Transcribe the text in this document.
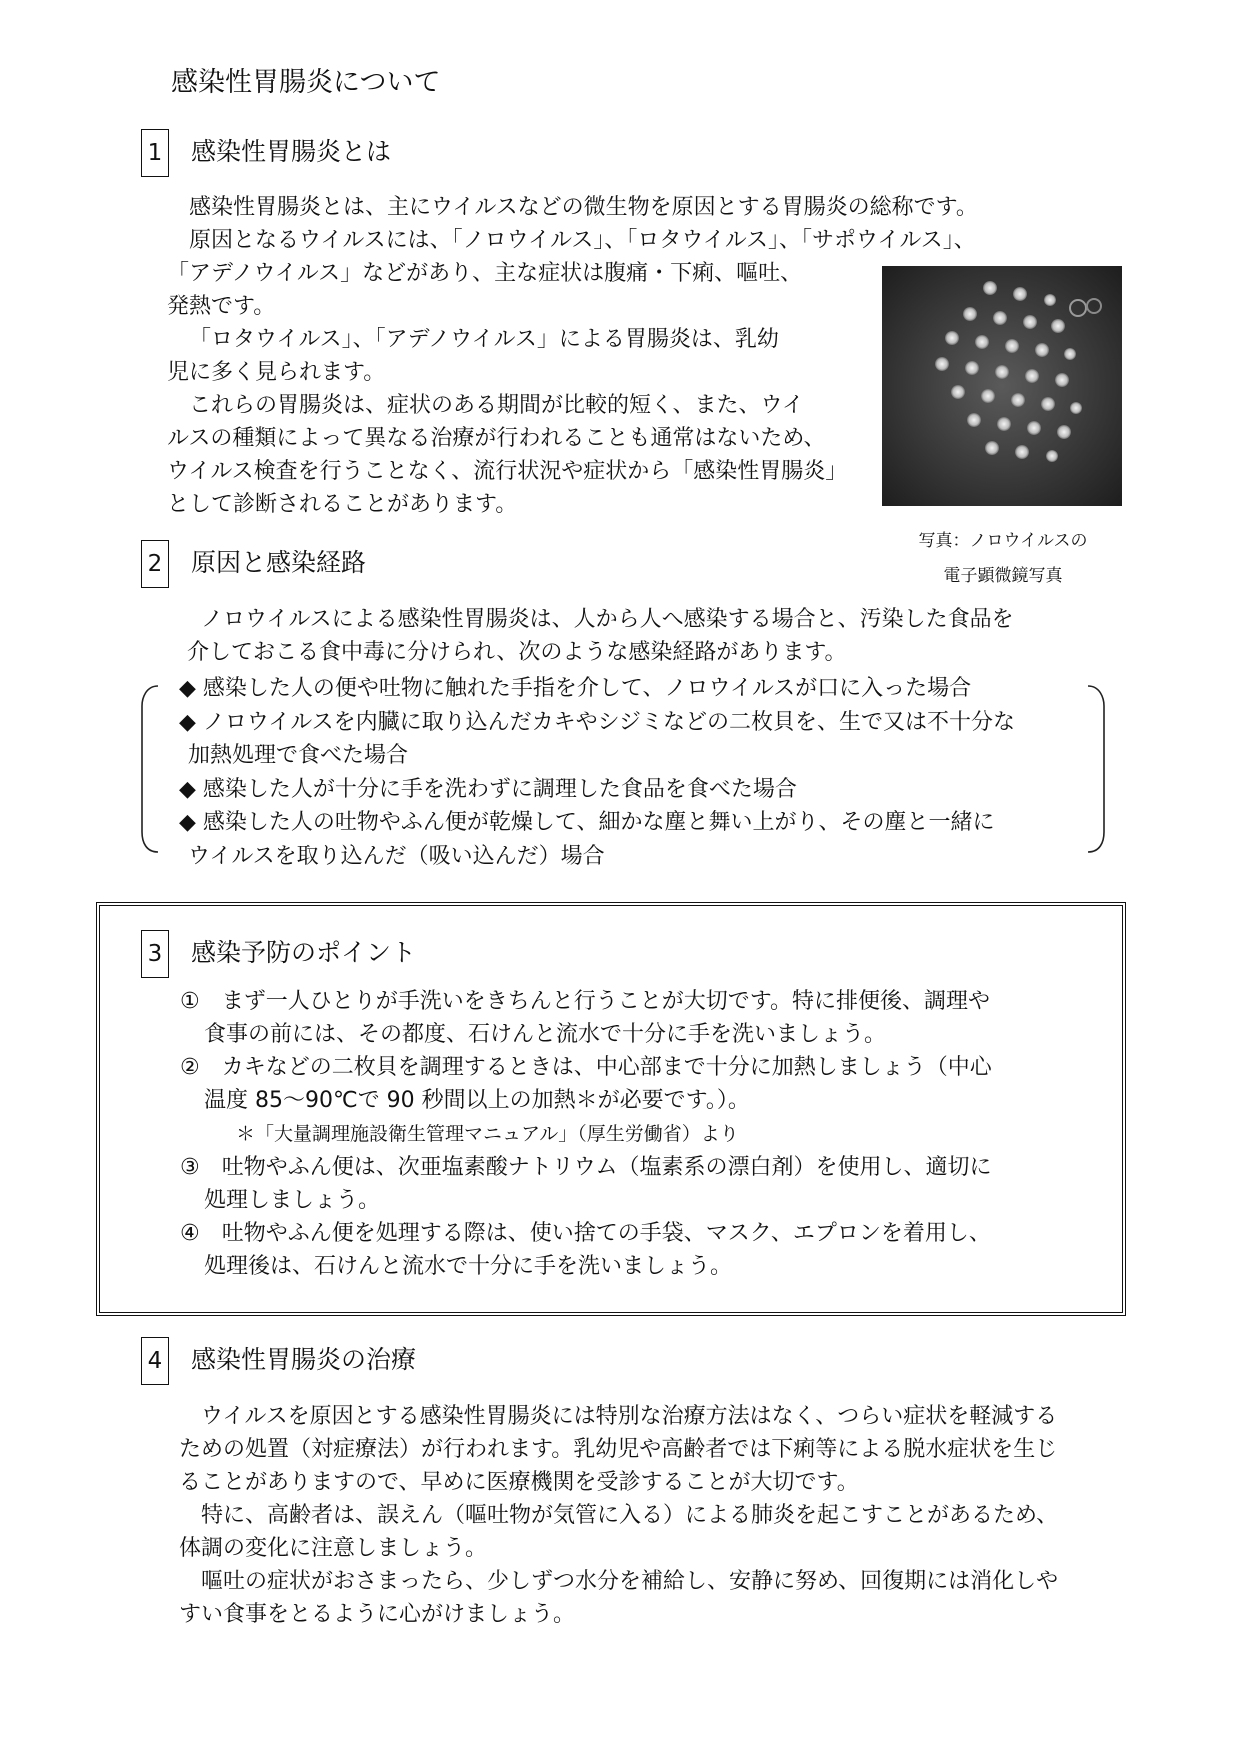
感染性胃腸炎について
1 感染性胃腸炎とは

感染性胃腸炎とは、主にウイルスなどの微生物を原因とする胃腸炎の総称です。

原因となるウイルスには、「ノロウイルス」、「ロタウイルス」、「サポウイルス」、

「アデノウイルス」などがあり、主な症状は腹痛・下痢、嘔吐、

発熱です。

「ロタウイルス」、「アデノウイルス」による胃腸炎は、乳幼

児に多く見られます。

これらの胃腸炎は、症状のある期間が比較的短く、また、ウイ

ルスの種類によって異なる治療が行われることも通常はないため、

ウイルス検査を行うことなく、流行状況や症状から「感染性胃腸炎」

として診断されることがあります。

写真：ノロウイルスの
電子顕微鏡写真
2 原因と感染経路

ノロウイルスによる感染性胃腸炎は、人から人へ感染する場合と、汚染した食品を

介しておこる食中毒に分けられ、次のような感染経路があります。

◆ 感染した人の便や吐物に触れた手指を介して、ノロウイルスが口に入った場合

◆ ノロウイルスを内臓に取り込んだカキやシジミなどの二枚貝を、生で又は不十分な

加熱処理で食べた場合

◆ 感染した人が十分に手を洗わずに調理した食品を食べた場合

◆ 感染した人の吐物やふん便が乾燥して、細かな塵と舞い上がり、その塵と一緒に

ウイルスを取り込んだ（吸い込んだ）場合

3 感染予防のポイント

①　まず一人ひとりが手洗いをきちんと行うことが大切です。特に排便後、調理や

食事の前には、その都度、石けんと流水で十分に手を洗いましょう。

②　カキなどの二枚貝を調理するときは、中心部まで十分に加熱しましょう（中心

温度 85～90℃で 90 秒間以上の加熱＊が必要です。）。

＊「大量調理施設衛生管理マニュアル」（厚生労働省）より

③　吐物やふん便は、次亜塩素酸ナトリウム（塩素系の漂白剤）を使用し、適切に

処理しましょう。

④　吐物やふん便を処理する際は、使い捨ての手袋、マスク、エプロンを着用し、

処理後は、石けんと流水で十分に手を洗いましょう。

4 感染性胃腸炎の治療

ウイルスを原因とする感染性胃腸炎には特別な治療方法はなく、つらい症状を軽減する

ための処置（対症療法）が行われます。乳幼児や高齢者では下痢等による脱水症状を生じ

ることがありますので、早めに医療機関を受診することが大切です。

特に、高齢者は、誤えん（嘔吐物が気管に入る）による肺炎を起こすことがあるため、

体調の変化に注意しましょう。

嘔吐の症状がおさまったら、少しずつ水分を補給し、安静に努め、回復期には消化しや

すい食事をとるように心がけましょう。
